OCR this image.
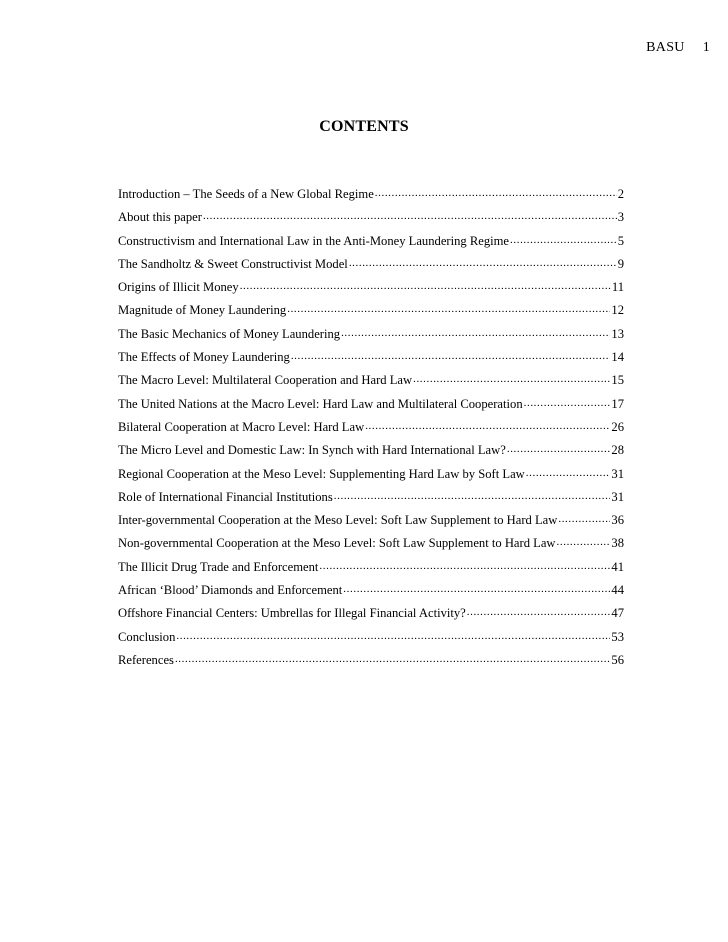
BASU 1
CONTENTS
Introduction – The Seeds of a New Global Regime .....	2
About this paper .....	3
Constructivism and International Law in the Anti-Money Laundering Regime .....	5
The Sandholtz & Sweet Constructivist Model .....	9
Origins of Illicit Money .....	11
Magnitude of Money Laundering .....	12
The Basic Mechanics of Money Laundering .....	13
The Effects of Money Laundering .....	14
The Macro Level: Multilateral Cooperation and Hard Law .....	15
The United Nations at the Macro Level: Hard Law and Multilateral Cooperation .....	17
Bilateral Cooperation at Macro Level: Hard Law .....	26
The Micro Level and Domestic Law: In Synch with Hard International Law? .....	28
Regional Cooperation at the Meso Level: Supplementing Hard Law by Soft Law .....	31
Role of International Financial Institutions .....	31
Inter-governmental Cooperation at the Meso Level: Soft Law Supplement to Hard Law .....	36
Non-governmental Cooperation at the Meso Level: Soft Law Supplement to Hard Law .....	38
The Illicit Drug Trade and Enforcement .....	41
African ‘Blood’ Diamonds and Enforcement .....	44
Offshore Financial Centers: Umbrellas for Illegal Financial Activity? .....	47
Conclusion .....	53
References .....	56
